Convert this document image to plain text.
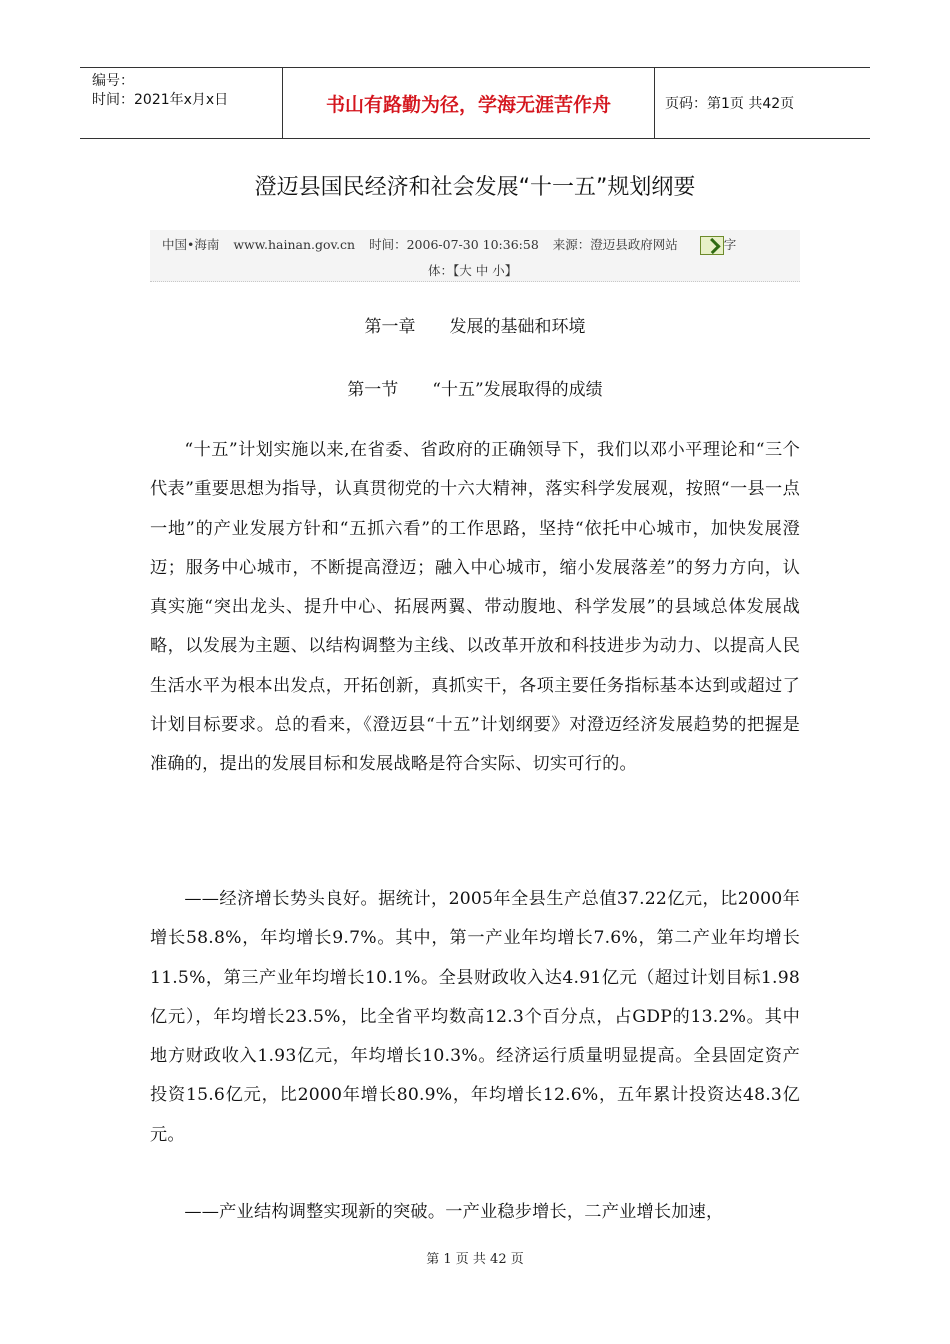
编号：
时间：2021年x月x日	书山有路勤为径，学海无涯苦作舟	页码：第1页 共42页
澄迈县国民经济和社会发展“十一五”规划纲要
中国•海南 www.hainan.gov.cn 时间：2006-07-30 10:36:58 来源：澄迈县政府网站	字
体：【大 中 小】
第一章　　发展的基础和环境
第一节　　“十五”发展取得的成绩
“十五”计划实施以来,在省委、省政府的正确领导下，我们以邓小平理论和“三个代表”重要思想为指导，认真贯彻党的十六大精神，落实科学发展观，按照“一县一点一地”的产业发展方针和“五抓六看”的工作思路，坚持“依托中心城市，加快发展澄迈；服务中心城市，不断提高澄迈；融入中心城市，缩小发展落差”的努力方向，认真实施“突出龙头、提升中心、拓展两翼、带动腹地、科学发展”的县域总体发展战略，以发展为主题、以结构调整为主线、以改革开放和科技进步为动力、以提高人民生活水平为根本出发点，开拓创新，真抓实干，各项主要任务指标基本达到或超过了计划目标要求。总的看来，《澄迈县“十五”计划纲要》对澄迈经济发展趋势的把握是准确的，提出的发展目标和发展战略是符合实际、切实可行的。
——经济增长势头良好。据统计，2005年全县生产总值37.22亿元，比2000年增长58.8%，年均增长9.7%。其中，第一产业年均增长7.6%，第二产业年均增长11.5%，第三产业年均增长10.1%。全县财政收入达4.91亿元（超过计划目标1.98亿元），年均增长23.5%，比全省平均数高12.3个百分点，占GDP的13.2%。其中地方财政收入1.93亿元，年均增长10.3%。经济运行质量明显提高。全县固定资产投资15.6亿元，比2000年增长80.9%，年均增长12.6%，五年累计投资达48.3亿元。
——产业结构调整实现新的突破。一产业稳步增长，二产业增长加速，
第 1 页 共 42 页
